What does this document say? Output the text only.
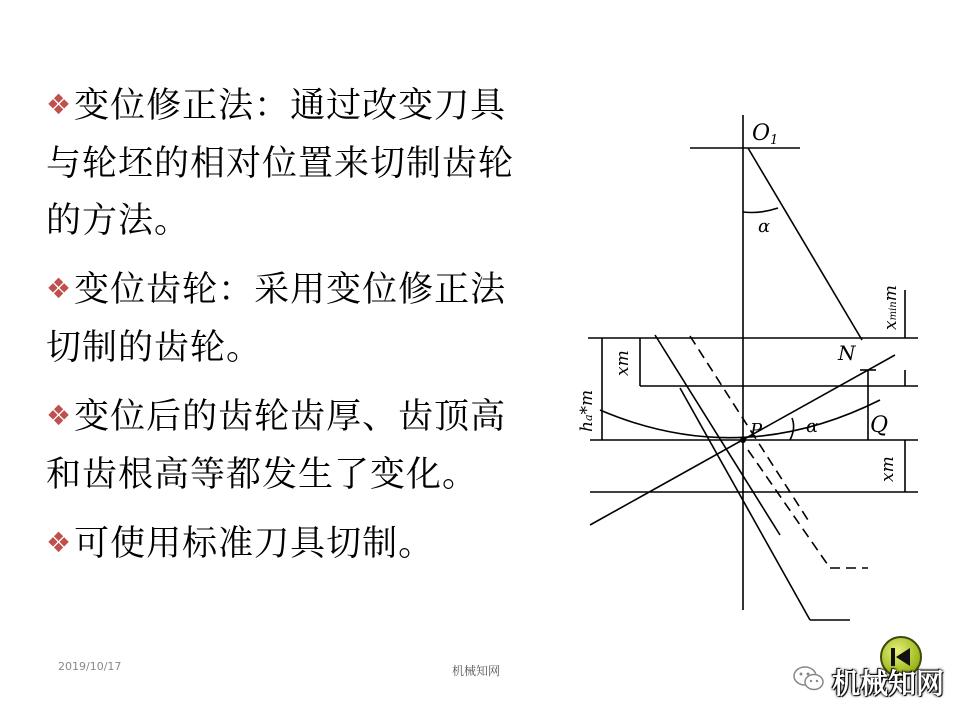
❖变位修正法：通过改变刀具
与轮坯的相对位置来切制齿轮
的方法。
❖变位齿轮：采用变位修正法
切制的齿轮。
❖变位后的齿轮齿厚、齿顶高
和齿根高等都发生了变化。
❖可使用标准刀具切制。
O1
α
N
P α Q
xm
xm
ha*m
xminm
2019/10/17	机械知网	机械知网
